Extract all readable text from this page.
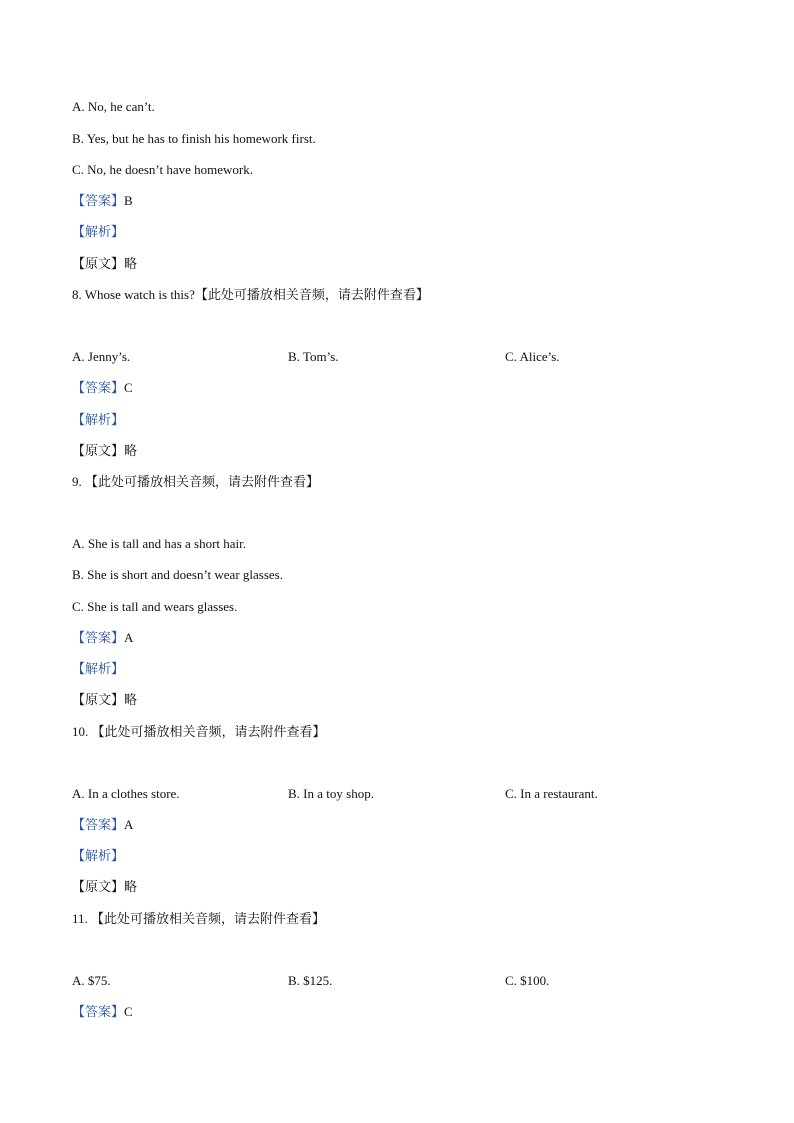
A. No, he can’t.
B. Yes, but he has to finish his homework first.
C. No, he doesn’t have homework.
【答案】B
【解析】
【原文】略
8. Whose watch is this?【此处可播放相关音频，请去附件查看】
A. Jenny’s.	B. Tom’s.	C. Alice’s.
【答案】C
【解析】
【原文】略
9. 【此处可播放相关音频，请去附件查看】
A. She is tall and has a short hair.
B. She is short and doesn’t wear glasses.
C. She is tall and wears glasses.
【答案】A
【解析】
【原文】略
10. 【此处可播放相关音频，请去附件查看】
A. In a clothes store.	B. In a toy shop.	C. In a restaurant.
【答案】A
【解析】
【原文】略
11. 【此处可播放相关音频，请去附件查看】
A. $75.	B. $125.	C. $100.
【答案】C
